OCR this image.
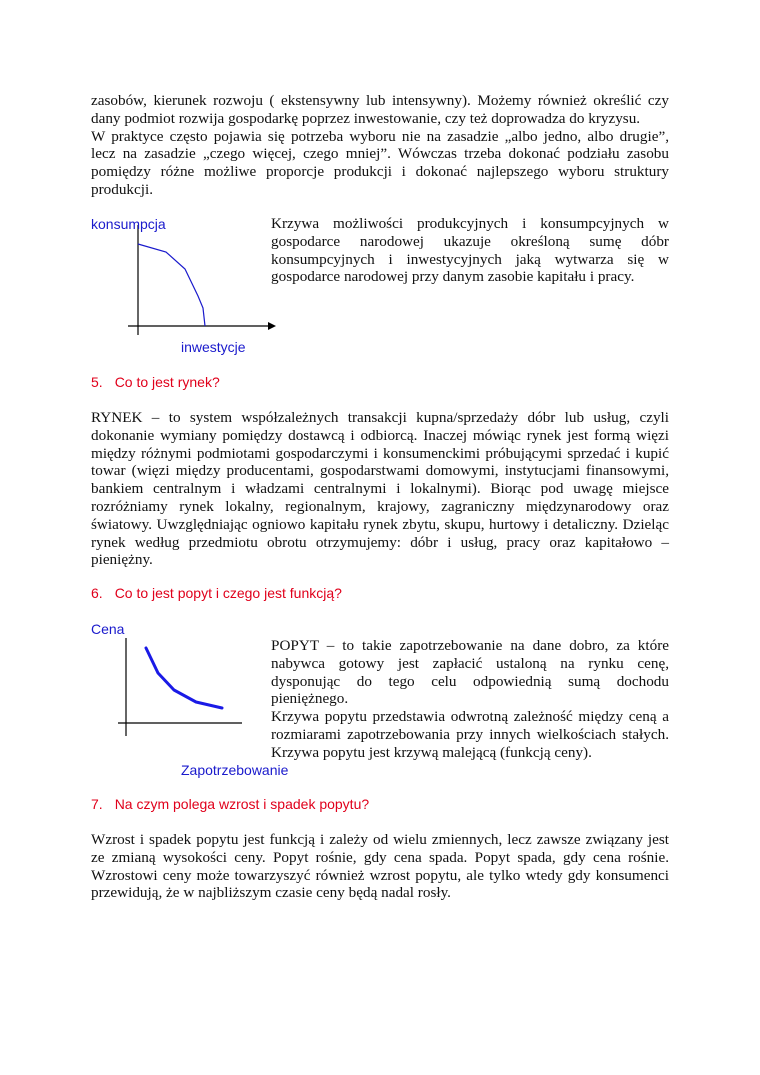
zasobów, kierunek rozwoju ( ekstensywny lub intensywny). Możemy również określić czy
dany podmiot rozwija gospodarkę poprzez inwestowanie, czy też doprowadza do kryzysu.
W praktyce często pojawia się potrzeba wyboru nie na zasadzie „albo jedno, albo drugie”,
lecz na zasadzie „czego więcej, czego mniej”. Wówczas trzeba dokonać podziału zasobu
pomiędzy różne możliwe proporcje produkcji i dokonać najlepszego wyboru struktury
produkcji.

konsumpcja

inwestycje

Krzywa możliwości produkcyjnych i konsumpcyjnych w
gospodarce narodowej ukazuje określoną sumę dóbr
konsumpcyjnych i inwestycyjnych jaką wytwarza się w
gospodarce narodowej przy danym zasobie kapitału i pracy.

5. Co to jest rynek?

RYNEK – to system współzależnych transakcji kupna/sprzedaży dóbr lub usług, czyli
dokonanie wymiany pomiędzy dostawcą i odbiorcą. Inaczej mówiąc rynek jest formą więzi
między różnymi podmiotami gospodarczymi i konsumenckimi próbującymi sprzedać i kupić
towar (więzi między producentami, gospodarstwami domowymi, instytucjami finansowymi,
bankiem centralnym i władzami centralnymi i lokalnymi). Biorąc pod uwagę miejsce
rozróżniamy rynek lokalny, regionalnym, krajowy, zagraniczny międzynarodowy oraz
światowy. Uwzględniając ogniowo kapitału rynek zbytu, skupu, hurtowy i detaliczny. Dzieląc
rynek według przedmiotu obrotu otrzymujemy: dóbr i usług, pracy oraz kapitałowo –
pieniężny.

6. Co to jest popyt i czego jest funkcją?

Cena

Zapotrzebowanie

POPYT – to takie zapotrzebowanie na dane dobro, za które
nabywca gotowy jest zapłacić ustaloną na rynku cenę,
dysponując do tego celu odpowiednią sumą dochodu
pieniężnego.
Krzywa popytu przedstawia odwrotną zależność między ceną a
rozmiarami zapotrzebowania przy innych wielkościach stałych.
Krzywa popytu jest krzywą malejącą (funkcją ceny).

7. Na czym polega wzrost i spadek popytu?

Wzrost i spadek popytu jest funkcją i zależy od wielu zmiennych, lecz zawsze związany jest
ze zmianą wysokości ceny. Popyt rośnie, gdy cena spada. Popyt spada, gdy cena rośnie.
Wzrostowi ceny może towarzyszyć również wzrost popytu, ale tylko wtedy gdy konsumenci
przewidują, że w najbliższym czasie ceny będą nadal rosły.
